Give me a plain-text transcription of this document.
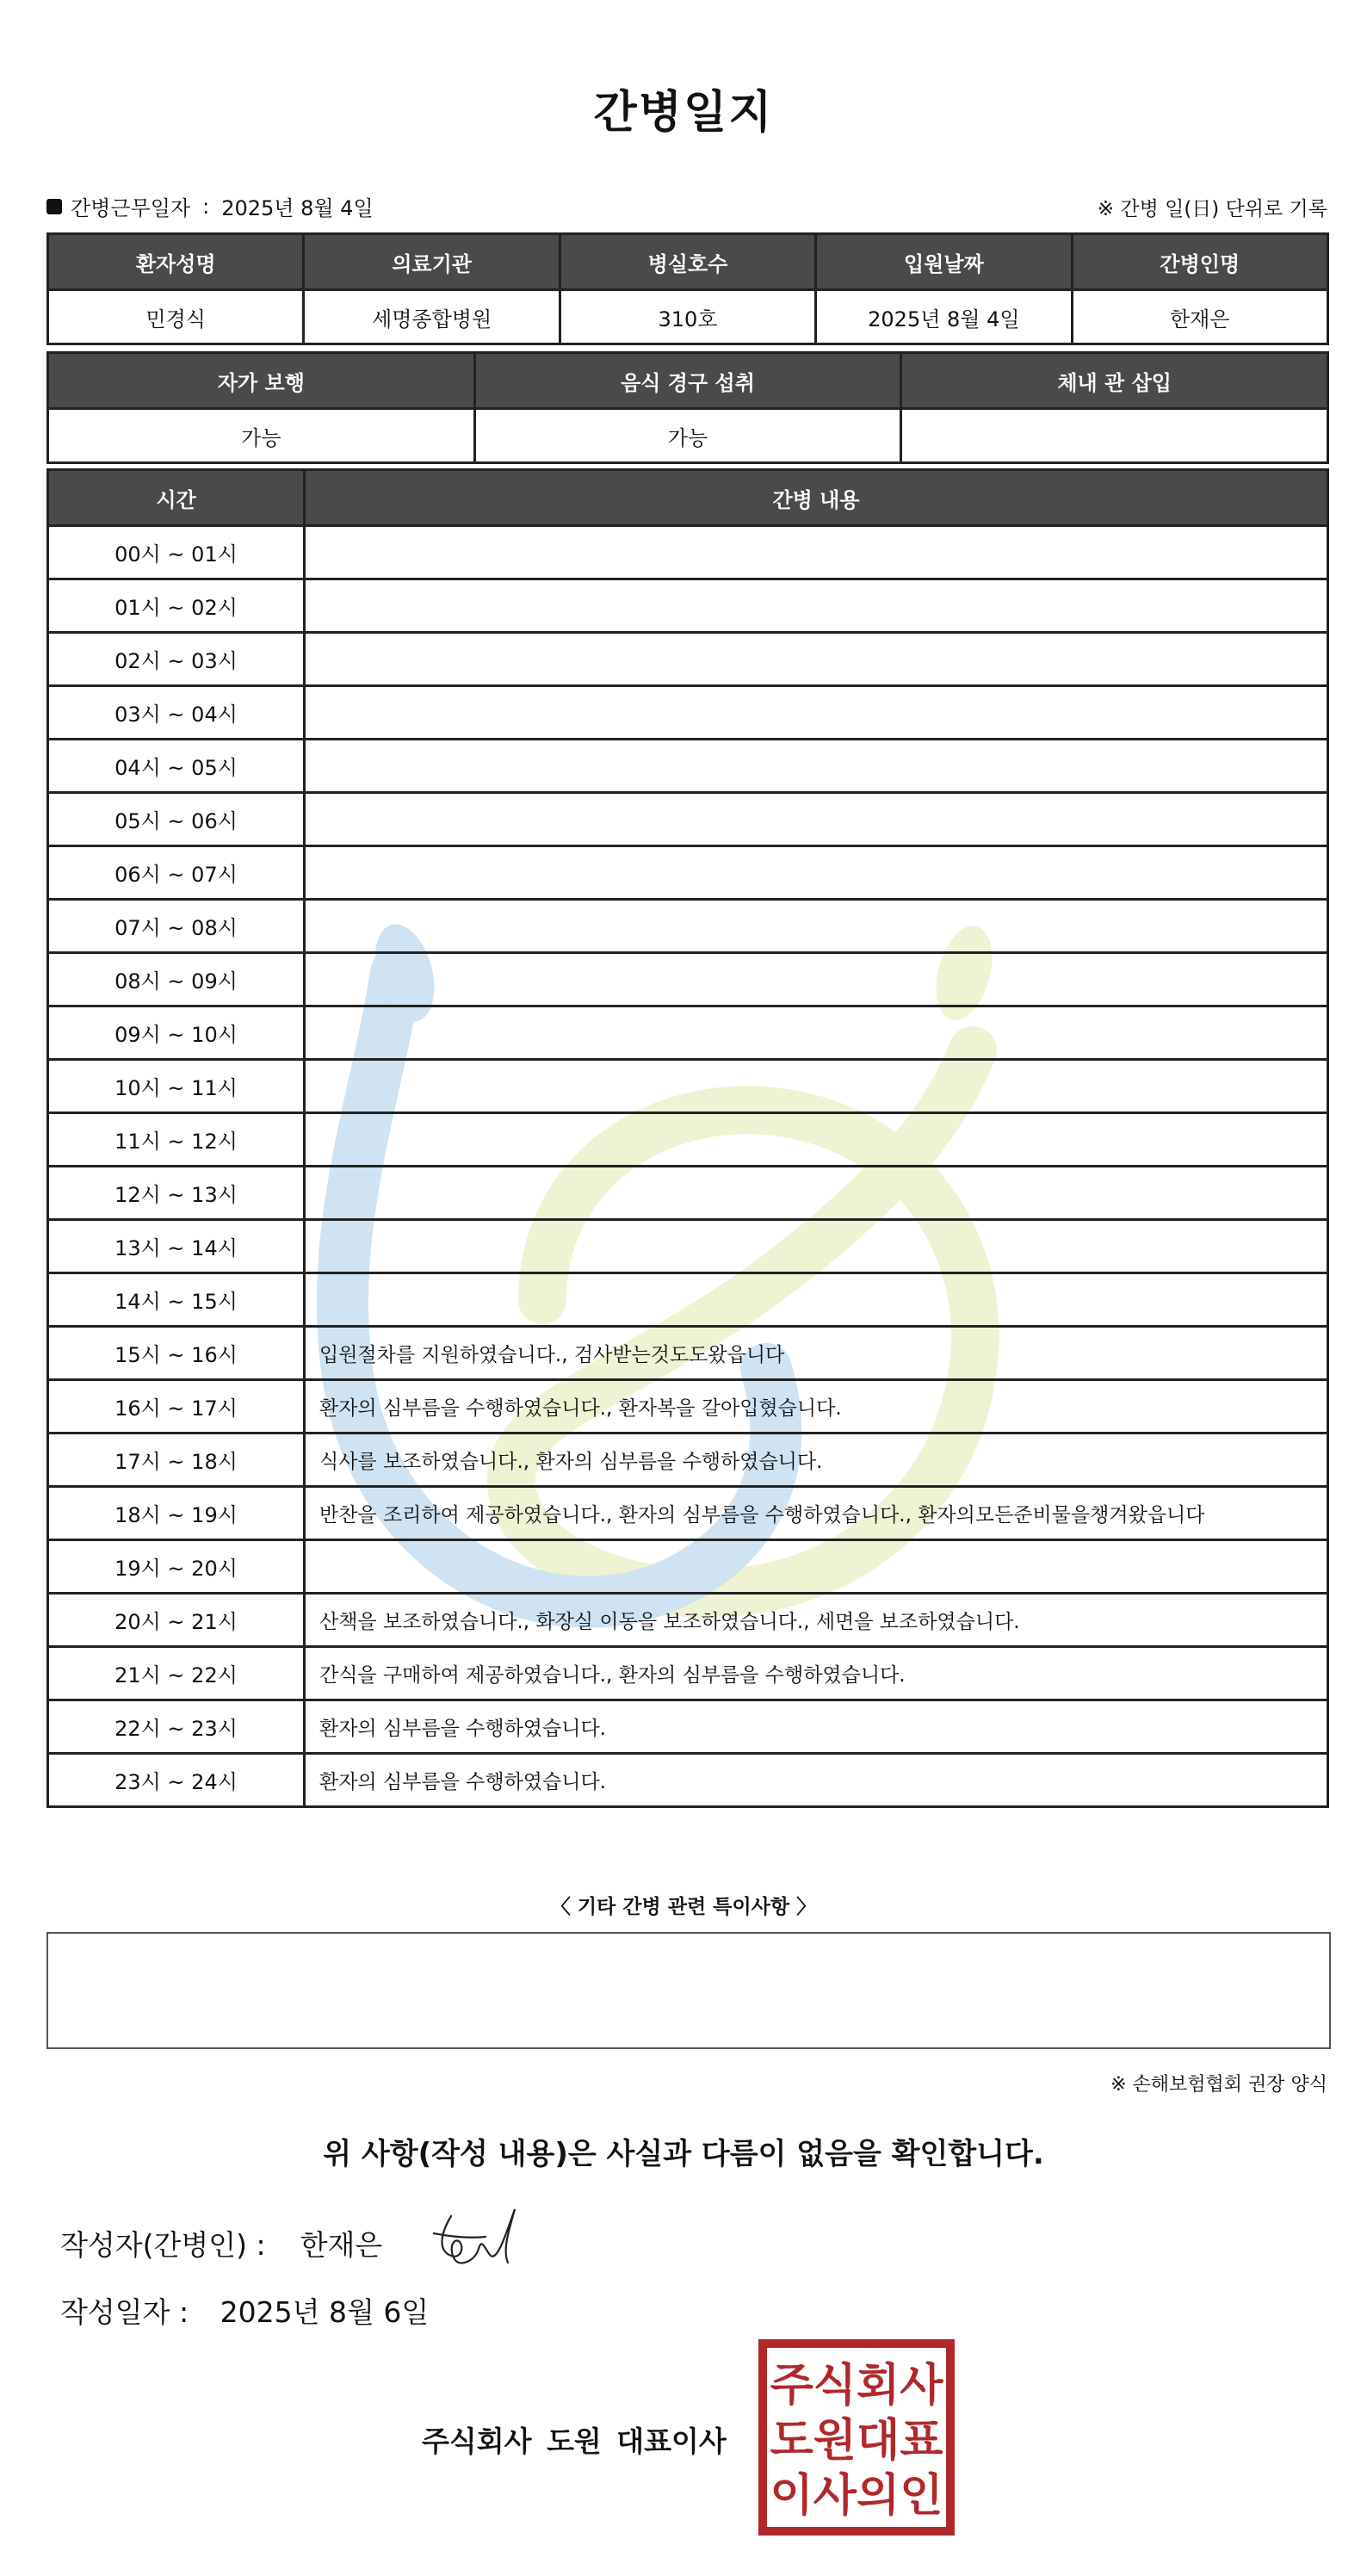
간병일지
간병근무일자 : 2025년 8월 4일	※ 간병 일(日) 단위로 기록
환자성명	의료기관	병실호수	입원날짜	간병인명
민경식	세명종합병원	310호	2025년 8월 4일	한재은
자가 보행	음식 경구 섭취	체내 관 삽입
가능	가능	
시간	간병 내용
00시 ~ 01시	
01시 ~ 02시	
02시 ~ 03시	
03시 ~ 04시	
04시 ~ 05시	
05시 ~ 06시	
06시 ~ 07시	
07시 ~ 08시	
08시 ~ 09시	
09시 ~ 10시	
10시 ~ 11시	
11시 ~ 12시	
12시 ~ 13시	
13시 ~ 14시	
14시 ~ 15시	
15시 ~ 16시	입원절차를 지원하였습니다., 검사받는것도도왔읍니다
16시 ~ 17시	환자의 심부름을 수행하였습니다., 환자복을 갈아입혔습니다.
17시 ~ 18시	식사를 보조하였습니다., 환자의 심부름을 수행하였습니다.
18시 ~ 19시	반찬을 조리하여 제공하였습니다., 환자의 심부름을 수행하였습니다., 환자의모든준비물을챙겨왔읍니다
19시 ~ 20시	
20시 ~ 21시	산책을 보조하였습니다., 화장실 이동을 보조하였습니다., 세면을 보조하였습니다.
21시 ~ 22시	간식을 구매하여 제공하였습니다., 환자의 심부름을 수행하였습니다.
22시 ~ 23시	환자의 심부름을 수행하였습니다.
23시 ~ 24시	환자의 심부름을 수행하였습니다.
〈 기타 간병 관련 특이사항 〉
※ 손해보험협회 권장 양식
위 사항(작성 내용)은 사실과 다름이 없음을 확인합니다.
작성자(간병인) : 한재은
작성일자 : 2025년 8월 6일
주식회사 도원 대표이사
주식회사
도원대표
이사의인
